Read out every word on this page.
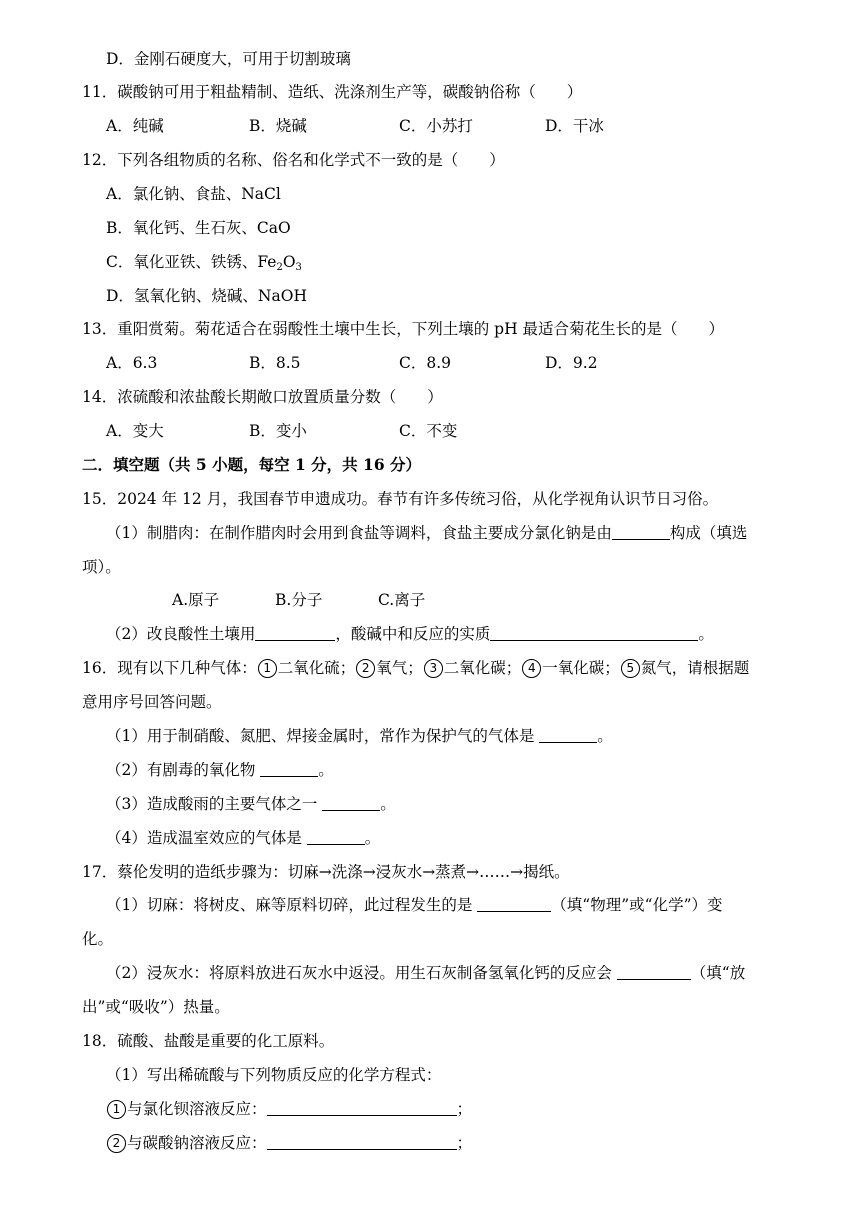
D．金刚石硬度大，可用于切割玻璃
11．碳酸钠可用于粗盐精制、造纸、洗涤剂生产等，碳酸钠俗称（　　）
A．纯碱	B．烧碱	C．小苏打	D．干冰
12．下列各组物质的名称、俗名和化学式不一致的是（　　）
A．氯化钠、食盐、NaCl
B．氧化钙、生石灰、CaO
C．氧化亚铁、铁锈、$Fe_2O_3$
D．氢氧化钠、烧碱、NaOH
13．重阳赏菊。菊花适合在弱酸性土壤中生长，下列土壤的 pH 最适合菊花生长的是（　　）
A．6.3	B．8.5	C．8.9	D．9.2
14．浓硫酸和浓盐酸长期敞口放置质量分数（　　）
A．变大	B．变小	C．不变
二．填空题（共 5 小题，每空 1 分，共 16 分）
15．2024 年 12 月，我国春节申遗成功。春节有许多传统习俗，从化学视角认识节日习俗。
（1）制腊肉：在制作腊肉时会用到食盐等调料，食盐主要成分氯化钠是由	构成（填选
项）。
A.原子	B.分子	C.离子
（2）改良酸性土壤用	，酸碱中和反应的实质	。
16．现有以下几种气体： 1 二氧化硫； 2 氧气； 3 二氧化碳； 4 一氧化碳； 5 氮气，请根据题
意用序号回答问题。
（1）用于制硝酸、氮肥、焊接金属时，常作为保护气的气体是	。
（2）有剧毒的氧化物	。
（3）造成酸雨的主要气体之一	。
（4）造成温室效应的气体是	。
17．蔡伦发明的造纸步骤为：切麻→洗涤→浸灰水→蒸煮→……→揭纸。
（1）切麻：将树皮、麻等原料切碎，此过程发生的是	（填“物理”或“化学”）变
化。
（2）浸灰水：将原料放进石灰水中返浸。用生石灰制备氢氧化钙的反应会	（填“放
出”或“吸收”）热量。
18．硫酸、盐酸是重要的化工原料。
（1）写出稀硫酸与下列物质反应的化学方程式：
1 与氯化钡溶液反应：	；
2 与碳酸钠溶液反应：	；
